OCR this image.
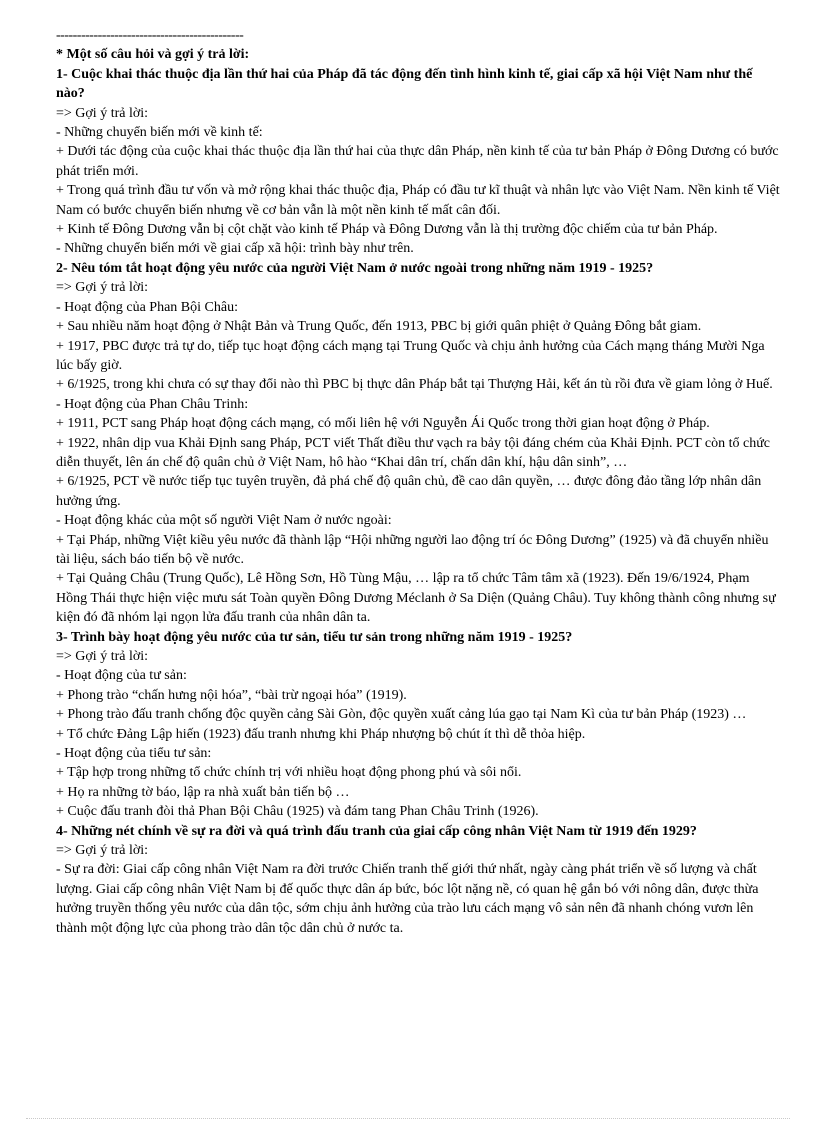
---------------------------------------------

* Một số câu hỏi và gợi ý trả lời:

1- Cuộc khai thác thuộc địa lần thứ hai của Pháp đã tác động đến tình hình kinh tế, giai cấp xã hội Việt Nam như thế nào?

=> Gợi ý trả lời:

- Những chuyển biến mới về kinh tế:

+ Dưới tác động của cuộc khai thác thuộc địa lần thứ hai của thực dân Pháp, nền kinh tế của tư bản Pháp ở Đông Dương có bước phát triển mới.

+ Trong quá trình đầu tư vốn và mở rộng khai thác thuộc địa, Pháp có đầu tư kĩ thuật và nhân lực vào Việt Nam. Nền kinh tế Việt Nam có bước chuyển biến nhưng về cơ bản vẫn là một nền kinh tế mất cân đối.

+ Kinh tế Đông Dương vẫn bị cột chặt vào kinh tế Pháp và Đông Dương vẫn là thị trường độc chiếm của tư bản Pháp.

- Những chuyển biến mới về giai cấp xã hội: trình bày như trên.

2- Nêu tóm tắt hoạt động yêu nước của người Việt Nam ở nước ngoài trong những năm 1919 - 1925?

=> Gợi ý trả lời:

- Hoạt động của Phan Bội Châu:

+ Sau nhiều năm hoạt động ở Nhật Bản và Trung Quốc, đến 1913, PBC bị giới quân phiệt ở Quảng Đông bắt giam.

+ 1917, PBC được trả tự do, tiếp tục hoạt động cách mạng tại Trung Quốc và chịu ảnh hưởng của Cách mạng tháng Mười Nga lúc bấy giờ.

+ 6/1925, trong khi chưa có sự thay đổi nào thì PBC bị thực dân Pháp bắt tại Thượng Hải, kết án tù rồi đưa về giam lỏng ở Huế.

- Hoạt động của Phan Châu Trinh:

+ 1911, PCT sang Pháp hoạt động cách mạng, có mối liên hệ với Nguyễn Ái Quốc trong thời gian hoạt động ở Pháp.

+ 1922, nhân dịp vua Khải Định sang Pháp, PCT viết Thất điều thư vạch ra bảy tội đáng chém của Khải Định. PCT còn tổ chức diễn thuyết, lên án chế độ quân chủ ở Việt Nam, hô hào “Khai dân trí, chấn dân khí, hậu dân sinh”, …

+ 6/1925, PCT về nước tiếp tục tuyên truyền, đả phá chế độ quân chủ, đề cao dân quyền, … được đông đảo tầng lớp nhân dân hưởng ứng.

- Hoạt động khác của một số người Việt Nam ở nước ngoài:

+ Tại Pháp, những Việt kiều yêu nước đã thành lập “Hội những người lao động trí óc Đông Dương” (1925) và đã chuyển nhiều tài liệu, sách báo tiến bộ về nước.

+ Tại Quảng Châu (Trung Quốc), Lê Hồng Sơn, Hồ Tùng Mậu, … lập ra tổ chức Tâm tâm xã (1923). Đến 19/6/1924, Phạm Hồng Thái thực hiện việc mưu sát Toàn quyền Đông Dương Méclanh ở Sa Diện (Quảng Châu). Tuy không thành công nhưng sự kiện đó đã nhóm lại ngọn lửa đấu tranh của nhân dân ta.

3- Trình bày hoạt động yêu nước của tư sản, tiểu tư sản trong những năm 1919 - 1925?

=> Gợi ý trả lời:

- Hoạt động của tư sản:

+ Phong trào “chấn hưng nội hóa”, “bài trừ ngoại hóa” (1919).

+ Phong trào đấu tranh chống độc quyền cảng Sài Gòn, độc quyền xuất cảng lúa gạo tại Nam Kì của tư bản Pháp (1923) …

+ Tổ chức Đảng Lập hiến (1923) đấu tranh nhưng khi Pháp nhượng bộ chút ít thì dễ thỏa hiệp.

- Hoạt động của tiểu tư sản:

+ Tập hợp trong những tổ chức chính trị với nhiều hoạt động phong phú và sôi nổi.

+ Họ ra những tờ báo, lập ra nhà xuất bản tiến bộ …

+ Cuộc đấu tranh đòi thả Phan Bội Châu (1925) và đám tang Phan Châu Trinh (1926).

4- Những nét chính về sự ra đời và quá trình đấu tranh của giai cấp công nhân Việt Nam từ 1919 đến 1929?

=> Gợi ý trả lời:

- Sự ra đời: Giai cấp công nhân Việt Nam ra đời trước Chiến tranh thế giới thứ nhất, ngày càng phát triển về số lượng và chất lượng. Giai cấp công nhân Việt Nam bị đế quốc thực dân áp bức, bóc lột nặng nề, có quan hệ gắn bó với nông dân, được thừa hưởng truyền thống yêu nước của dân tộc, sớm chịu ảnh hưởng của trào lưu cách mạng vô sản nên đã nhanh chóng vươn lên thành một động lực của phong trào dân tộc dân chủ ở nước ta.
